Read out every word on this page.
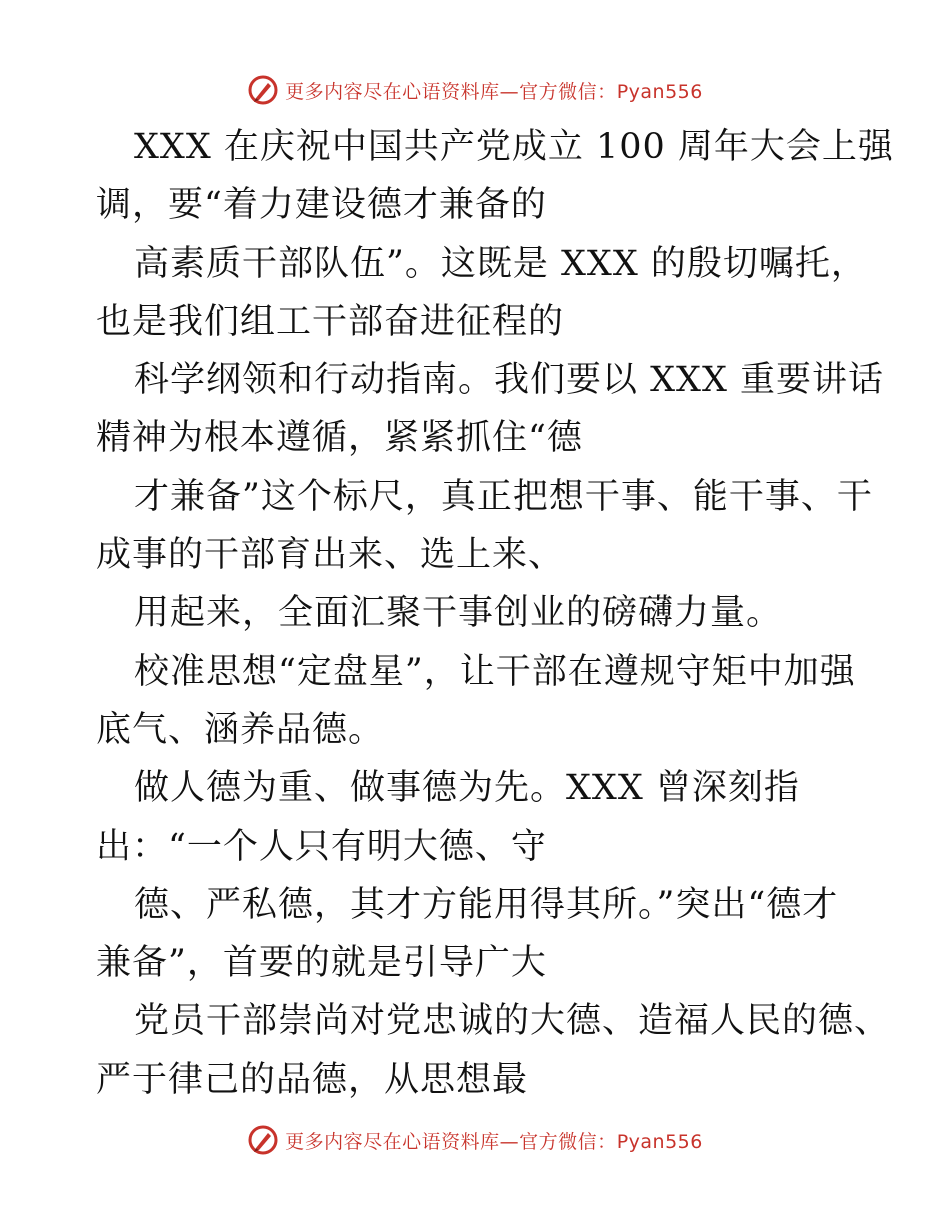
更多内容尽在心语资料库—官方微信：Pyan556
XXX 在庆祝中国共产党成立 100 周年大会上强
调，要“着力建设德才兼备的
高素质干部队伍”。这既是 XXX 的殷切嘱托，
也是我们组工干部奋进征程的
科学纲领和行动指南。我们要以 XXX 重要讲话
精神为根本遵循，紧紧抓住“德
才兼备”这个标尺，真正把想干事、能干事、干
成事的干部育出来、选上来、
用起来，全面汇聚干事创业的磅礴力量。
校准思想“定盘星”，让干部在遵规守矩中加强
底气、涵养品德。
做人德为重、做事德为先。XXX 曾深刻指
出：“一个人只有明大德、守
德、严私德，其才方能用得其所。”突出“德才
兼备”，首要的就是引导广大
党员干部崇尚对党忠诚的大德、造福人民的德、
严于律己的品德，从思想最
更多内容尽在心语资料库—官方微信：Pyan556
